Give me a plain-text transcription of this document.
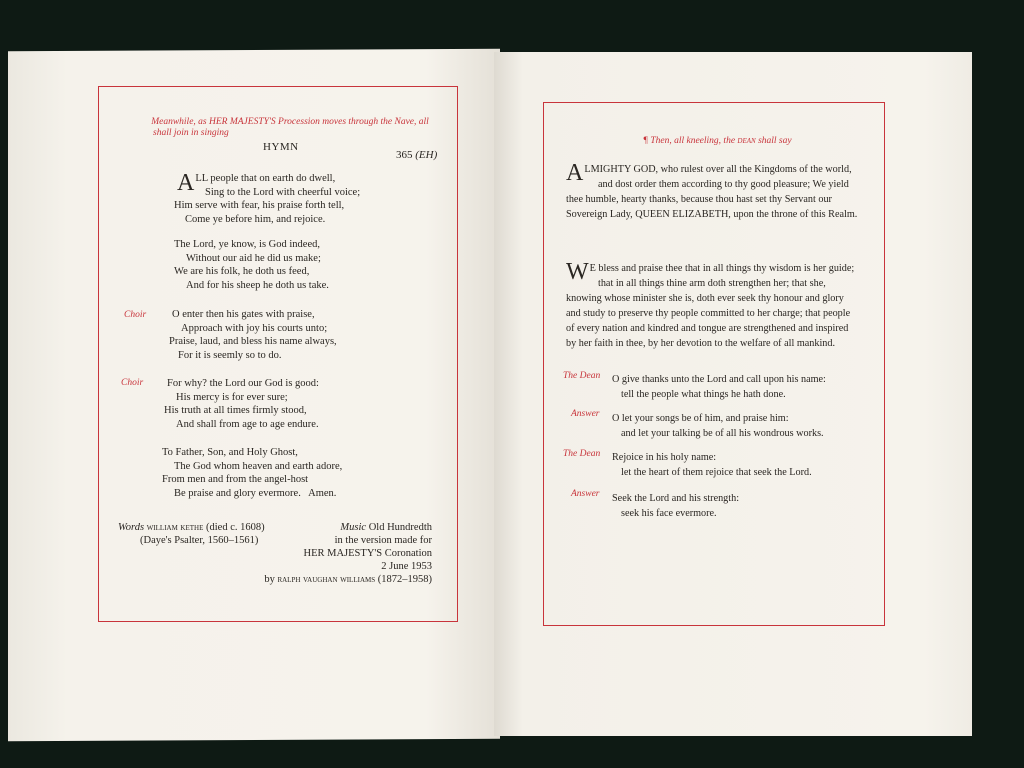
Meanwhile, as HER MAJESTY'S Procession moves through the Nave, all
shall join in singing
HYMN
365 (EH)
ALL people that on earth do dwell,
Sing to the Lord with cheerful voice;
Him serve with fear, his praise forth tell,
Come ye before him, and rejoice.
The Lord, ye know, is God indeed,
Without our aid he did us make;
We are his folk, he doth us feed,
And for his sheep he doth us take.
Choir O enter then his gates with praise,
Approach with joy his courts unto;
Praise, laud, and bless his name always,
For it is seemly so to do.
Choir For why? the Lord our God is good:
His mercy is for ever sure;
His truth at all times firmly stood,
And shall from age to age endure.
To Father, Son, and Holy Ghost,
The God whom heaven and earth adore,
From men and from the angel-host
Be praise and glory evermore.   Amen.
Words william kethe (died c. 1608)
(Daye's Psalter, 1560–1561)
Music Old Hundredth
in the version made for
HER MAJESTY'S Coronation
2 June 1953
by ralph vaughan williams (1872–1958)
¶ Then, all kneeling, the dean shall say
ALMIGHTY GOD, who rulest over all the Kingdoms of the world,
and dost order them according to thy good pleasure; We yield
thee humble, hearty thanks, because thou hast set thy Servant our
Sovereign Lady, QUEEN ELIZABETH, upon the throne of this Realm.
W E bless and praise thee that in all things thy wisdom is her guide;
that in all things thine arm doth strengthen her; that she,
knowing whose minister she is, doth ever seek thy honour and glory
and study to preserve thy people committed to her charge; that people
of every nation and kindred and tongue are strengthened and inspired
by her faith in thee, by her devotion to the welfare of all mankind.
The Dean O give thanks unto the Lord and call upon his name:
tell the people what things he hath done.
Answer O let your songs be of him, and praise him:
and let your talking be of all his wondrous works.
The Dean Rejoice in his holy name:
let the heart of them rejoice that seek the Lord.
Answer Seek the Lord and his strength:
seek his face evermore.
